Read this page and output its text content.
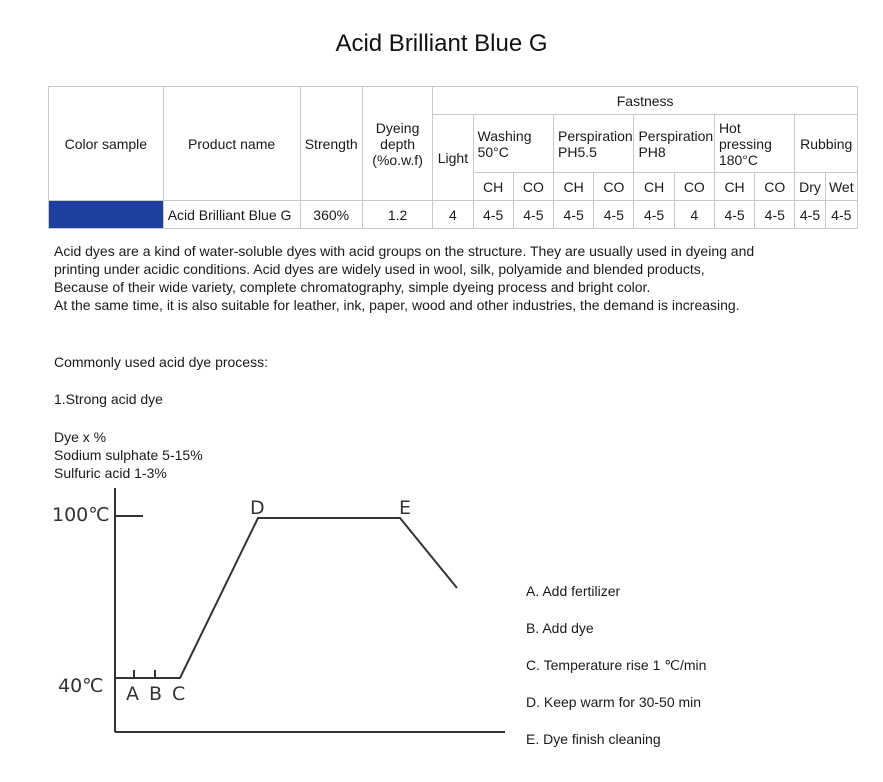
Acid Brilliant Blue G
Color sample	Product name	Strength	Dyeing depth (%o.w.f)	Fastness										
				Light	Washing 50°C		Perspiration PH5.5		Perspiration PH8		Hot pressing 180°C		Rubbing	
					CH	CO	CH	CO	CH	CO	CH	CO	Dry	Wet
	Acid Brilliant Blue G	360%	1.2	4	4-5	4-5	4-5	4-5	4-5	4	4-5	4-5	4-5	4-5

Acid dyes are a kind of water-soluble dyes with acid groups on the structure. They are usually used in dyeing and

printing under acidic conditions. Acid dyes are widely used in wool, silk, polyamide and blended products,

Because of their wide variety, complete chromatography, simple dyeing process and bright color.

At the same time, it is also suitable for leather, ink, paper, wood and other industries, the demand is increasing.

Commonly used acid dye process:
1.Strong acid dye
Dye x %
Sodium sulphate 5-15%
Sulfuric acid 1-3%
100℃
40℃ A B C
D	E
A. Add fertilizer
B. Add dye
C. Temperature rise 1 ℃/min
D. Keep warm for 30-50 min
E. Dye finish cleaning
